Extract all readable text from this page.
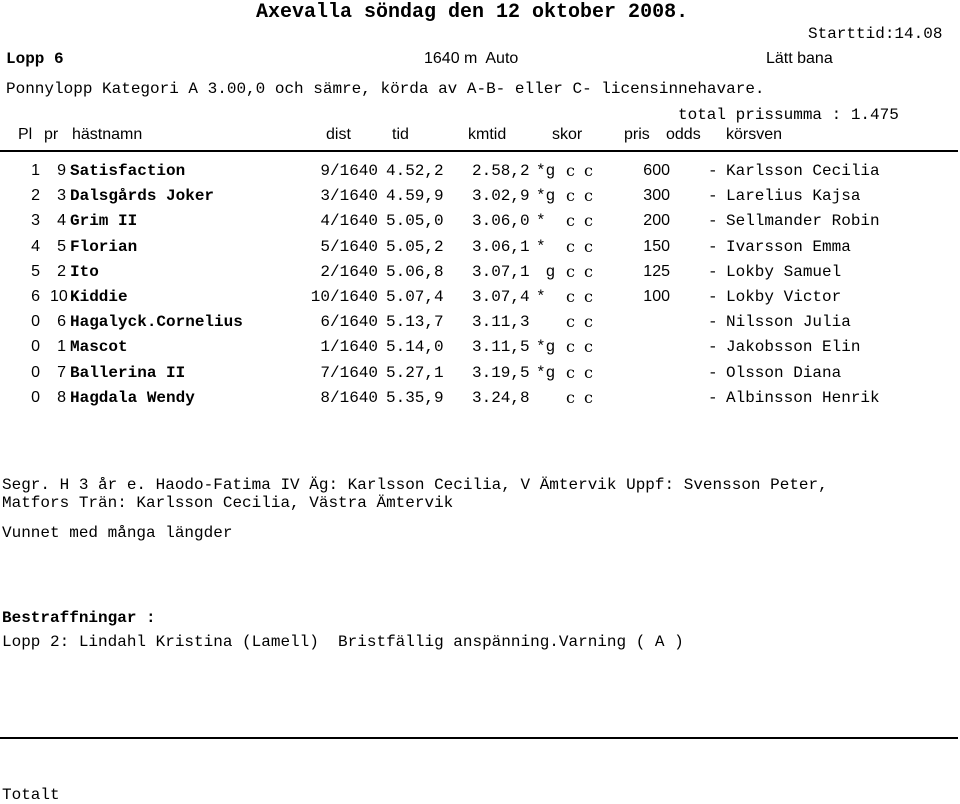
Axevalla söndag den 12 oktober 2008.
Starttid:14.08
Lopp 6	1640 m  Auto	Lätt bana
Ponnylopp Kategori A 3.00,0 och sämre, körda av A-B- eller C- licensinnehavare.
total prissumma : 1.475
Pl pr hästnamn	dist	tid	kmtid	skor	pris odds körsven
1	9 Satisfaction	9/1640 4.52,2 2.58,2 *g c c	600 - Karlsson Cecilia
2	3 Dalsgårds Joker	3/1640 4.59,9 3.02,9 *g c c	300 - Larelius Kajsa
3	4 Grim II	4/1640 5.05,0 3.06,0 * c c	200 - Sellmander Robin
4	5 Florian	5/1640 5.05,2 3.06,1 * c c	150 - Ivarsson Emma
5	2 Ito	2/1640 5.06,8 3.07,1 g c c	125 - Lokby Samuel
6 10 Kiddie	10/1640 5.07,4 3.07,4 * c c	100 - Lokby Victor
0	6 Hagalyck.Cornelius	6/1640 5.13,7 3.11,3 c c	- Nilsson Julia
0	1 Mascot	1/1640 5.14,0 3.11,5 *g c c	- Jakobsson Elin
0	7 Ballerina II	7/1640 5.27,1 3.19,5 *g c c	- Olsson Diana
0	8 Hagdala Wendy	8/1640 5.35,9 3.24,8 c c	- Albinsson Henrik
Segr. H 3 år e. Haodo-Fatima IV Äg: Karlsson Cecilia, V Ämtervik Uppf: Svensson Peter,
Matfors Trän: Karlsson Cecilia, Västra Ämtervik
Vunnet med många längder
Bestraffningar :
Lopp 2: Lindahl Kristina (Lamell)  Bristfällig anspänning.Varning ( A )
Totalt
